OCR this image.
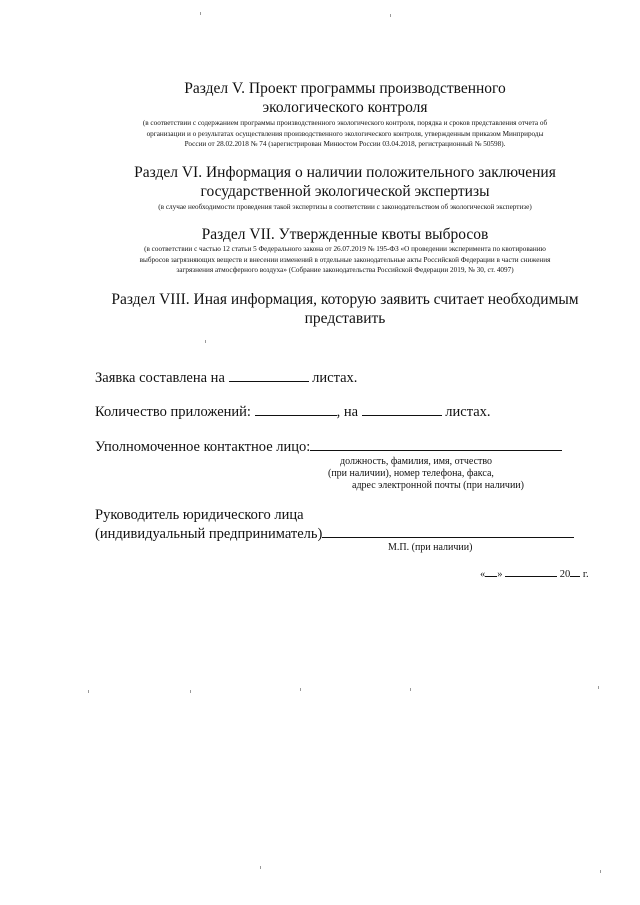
Раздел V. Проект программы производственного

экологического контроля

(в соответствии с содержанием программы производственного экологического контроля, порядка и сроков представления отчета об

организации и о результатах осуществления производственного экологического контроля, утвержденным приказом Минприроды

России от 28.02.2018 № 74 (зарегистрирован Минюстом России 03.04.2018, регистрационный № 50598).

Раздел VI. Информация о наличии положительного заключения

государственной экологической экспертизы

(в случае необходимости проведения такой экспертизы в соответствии с законодательством об экологической экспертизе)

Раздел VII. Утвержденные квоты выбросов

(в соответствии с частью 12 статьи 5 Федерального закона от 26.07.2019 № 195-ФЗ «О проведении эксперимента по квотированию

выбросов загрязняющих веществ и внесении изменений в отдельные законодательные акты Российской Федерации в части снижения

загрязнения атмосферного воздуха» (Собрание законодательства Российской Федерации 2019, № 30, ст. 4097)

Раздел VIII. Иная информация, которую заявить считает необходимым

представить

Заявка составлена на	листах.
Количество приложений:	, на	листах.
Уполномоченное контактное лицо:
должность, фамилия, имя, отчество
(при наличии), номер телефона, факса,
адрес электронной почты (при наличии)
Руководитель юридического лица
(индивидуальный предприниматель)
М.П. (при наличии)
« »	20 г.
